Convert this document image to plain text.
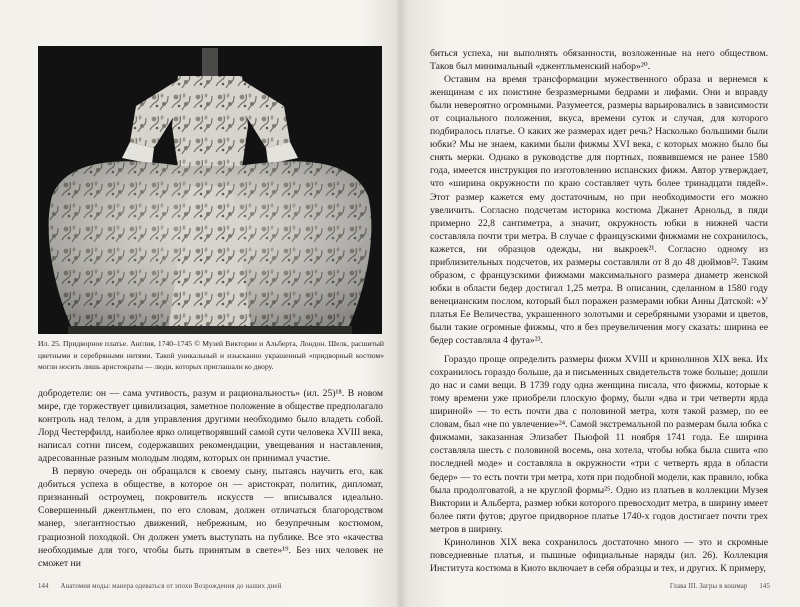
Ил. 25. Придворное платье. Англия, 1740–1745 © Музей Виктории и Альберта, Лондон. Шелк, расшитый цветными и серебряными нитями. Такой уникальный и изысканно украшенный «придворный костюм» могли носить лишь аристократы — люди, которых приглашали ко двору.

добродетели: он — сама учтивость, разум и рациональность» (ил. 25)¹⁸. В новом мире, где торжествует цивилизация, заметное положение в обществе предполагало контроль над телом, а для управления другими необходимо было владеть собой. Лорд Честерфилд, наиболее ярко олицетворявший самой сути человека XVIII века, написал сотни писем, содержавших рекомендации, увещевания и наставления, адресованные разным молодым людям, которых он принимал участие.

В первую очередь он обращался к своему сыну, пытаясь научить его, как добиться успеха в обществе, в которое он — аристократ, политик, дипломат, признанный остроумец, покровитель искусств — вписывался идеально. Совершенный джентльмен, по его словам, должен отличаться благородством манер, элегантностью движений, небрежным, но безупречным костюмом, грациозной походкой. Он должен уметь выступать на публике. Все это «качества необходимые для того, чтобы быть принятым в свете»¹⁹. Без них человек не сможет ни

144 Анатомия моды: манера одеваться от эпохи Возрождения до наших дней

биться успеха, ни выполнять обязанности, возложенные на него обществом. Таков был минимальный «джентльменский набор»²⁰.

Оставим на время трансформации мужественного образа и вернемся к женщинам с их поистине безразмерными бедрами и лифами. Они и вправду были невероятно огромными. Разумеется, размеры варьировались в зависимости от социального положения, вкуса, времени суток и случая, для которого подбиралось платье. О каких же размерах идет речь? Насколько большими были юбки? Мы не знаем, какими были фижмы XVI века, с которых можно было бы снять мерки. Однако в руководстве для портных, появившемся не ранее 1580 года, имеется инструкция по изготовлению испанских фижм. Автор утверждает, что «ширина окружности по краю составляет чуть более тринадцати пядей». Этот размер кажется ему достаточным, но при необходимости его можно увеличить. Согласно подсчетам историка костюма Джанет Арнольд, в пяди примерно 22,8 сантиметра, а значит, окружность юбки в нижней части составляла почти три метра. В случае с французскими фижмами не сохранилось, кажется, ни образцов одежды, ни выкроек²¹. Согласно одному из приблизительных подсчетов, их размеры составляли от 8 до 48 дюймов²². Таким образом, с французскими фижмами максимального размера диаметр женской юбки в области бедер достигал 1,25 метра. В описании, сделанном в 1580 году венецианским послом, который был поражен размерами юбки Анны Датской: «У платья Ее Величества, украшенного золотыми и серебряными узорами и цветов, были такие огромные фижмы, что я без преувеличения могу сказать: ширина ее бедер составляла 4 фута»²³.

Гораздо проще определить размеры фижм XVIII и кринолинов XIX века. Их сохранилось гораздо больше, да и письменных свидетельств тоже больше; дошли до нас и сами вещи. В 1739 году одна женщина писала, что фижмы, которые к тому времени уже приобрели плоскую форму, были «два и три четверти ярда шириной» — то есть почти два с половиной метра, хотя такой размер, по ее словам, был «не по увлечение»²⁴. Самой экстремальной по размерам была юбка с фижмами, заказанная Элизабет Пьюфой 11 ноября 1741 года. Ее ширина составляла шесть с половиной восемь, она хотела, чтобы юбка была сшита «по последней моде» и составляла в окружности «три с четверть ярда в области бедер» — то есть почти три метра, хотя при подобной модели, как правило, юбка была продолговатой, а не круглой формы²⁵. Одно из платьев в коллекции Музея Виктории и Альберта, размер юбки которого превосходит метра, в ширину имеет более пяти футов; другое придворное платье 1740-х годов достигает почти трех метров в ширину.

Кринолинов XIX века сохранилось достаточно много — это и скромные повседневные платья, и пышные официальные наряды (ил. 26). Коллекция Института костюма в Киото включает в себя образцы и тех, и других. К примеру,

Глава III. Загры в кошмар 145
